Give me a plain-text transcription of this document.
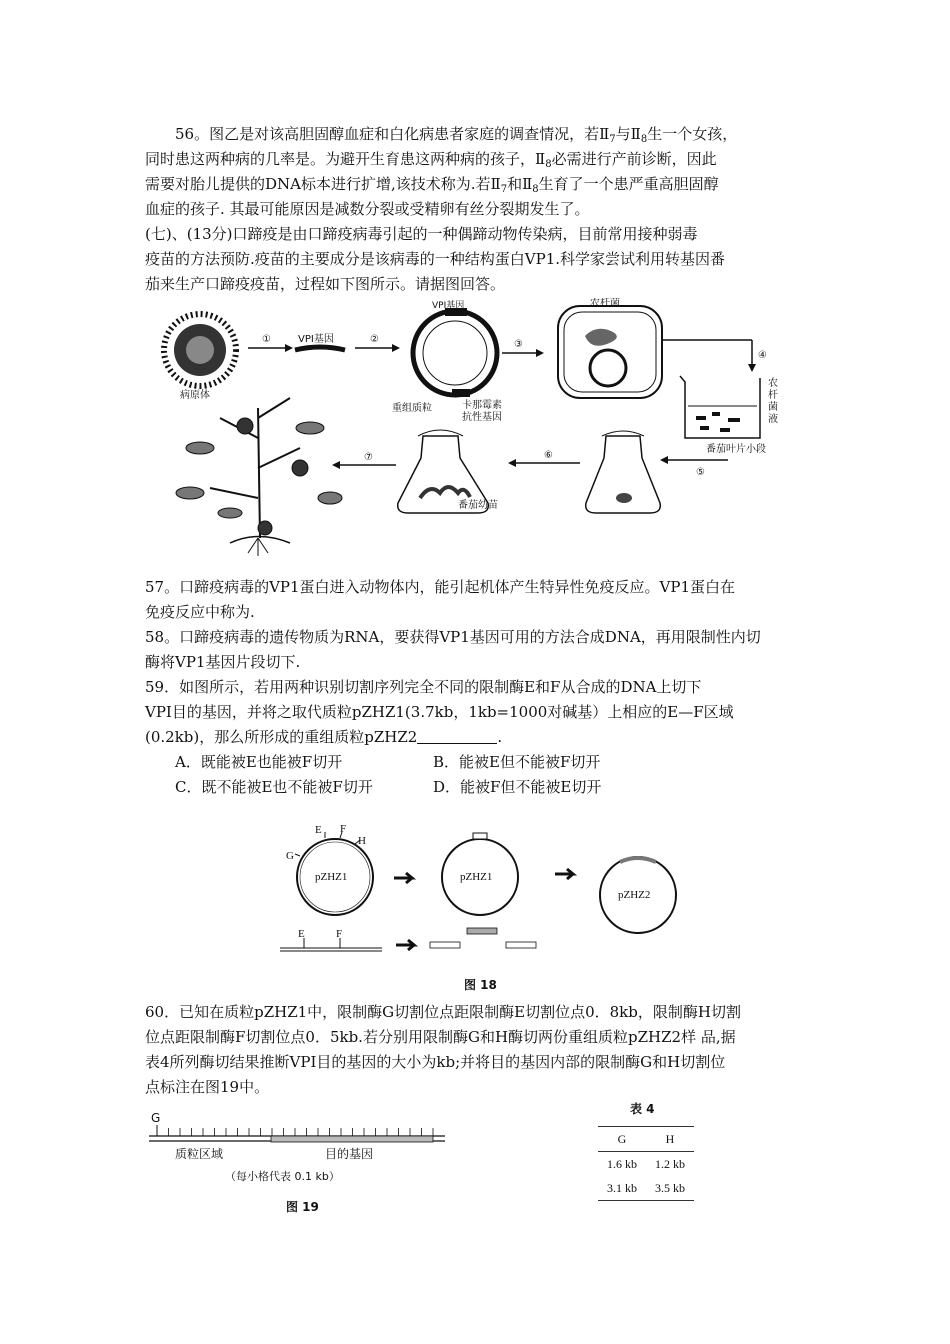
56。图乙是对该高胆固醇血症和白化病患者家庭的调查情况，若$Ⅱ_7$与$Ⅱ_8$生一个女孩，

同时患这两种病的几率是。为避开生育患这两种病的孩子，$Ⅱ_8$必需进行产前诊断，因此

需要对胎儿提供的DNA标本进行扩增,该技术称为.若$Ⅱ_7$和$Ⅱ_8$生育了一个患严重高胆固醇

血症的孩子. 其最可能原因是减数分裂或受精卵有丝分裂期发生了。

(七)、(13分)口蹄疫是由口蹄疫病毒引起的一种偶蹄动物传染病，目前常用接种弱毒

疫苗的方法预防.疫苗的主要成分是该病毒的一种结构蛋白VP1.科学家尝试利用转基因番

茄来生产口蹄疫疫苗，过程如下图所示。请据图回答。

病原体
①	VPI基因	②
VPI基因
重组质粒	卡那霉素
抗性基因
③
农杆菌
④
农
杆
菌
液
番茄叶片小段
⑤
⑥
番茄幼苗
⑦

57。口蹄疫病毒的VP1蛋白进入动物体内，能引起机体产生特异性免疫反应。VP1蛋白在

免疫反应中称为.

58。口蹄疫病毒的遗传物质为RNA，要获得VP1基因可用的方法合成DNA，再用限制性内切

酶将VP1基因片段切下.

59．如图所示，若用两种识别切割序列完全不同的限制酶E和F从合成的DNA上切下

VPI目的基因，并将之取代质粒pZHZ1(3.7kb，1kb=1000对碱基）上相应的E—F区域

(0.2kb)，那么所形成的重组质粒pZHZ2	.

A．既能被E也能被F切开	B．能被E但不能被F切开
C．既不能被E也不能被F切开	D．能被F但不能被E切开
pZHZ1
E F
H
G
pZHZ1
pZHZ2
E	F
图 18

60．已知在质粒pZHZ1中，限制酶G切割位点距限制酶E切割位点0．8kb，限制酶H切割

位点距限制酶F切割位点0．5kb.若分别用限制酶G和H酶切两份重组质粒pZHZ2样 品,据

表4所列酶切结果推断VPI目的基因的大小为kb;并将目的基因内部的限制酶G和H切割位

点标注在图19中。

G
质粒区域	目的基因
（每小格代表 0.1 kb）
图 19
表 4
G	H
1.6 kb	1.2 kb
3.1 kb	3.5 kb
